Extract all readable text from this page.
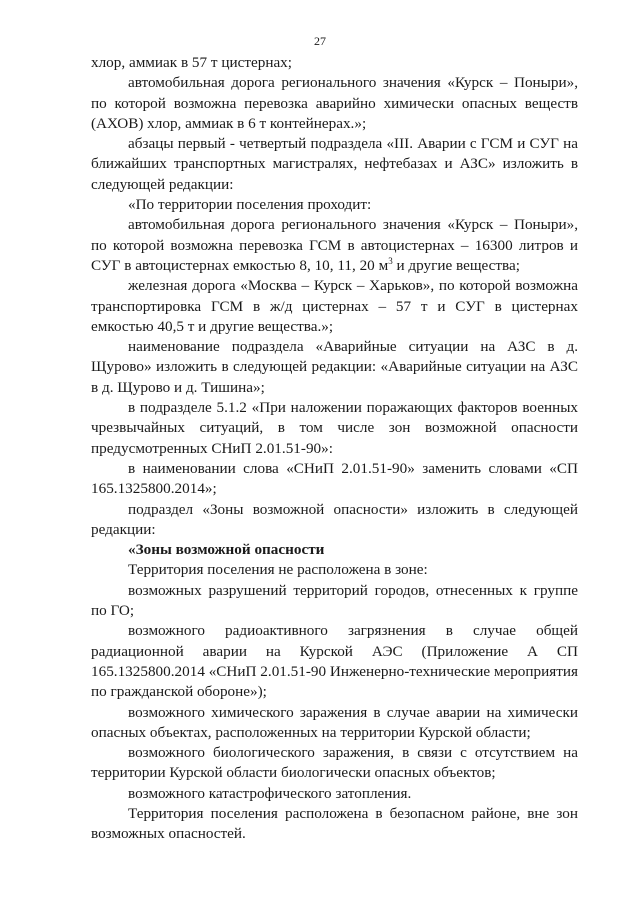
27

хлор, аммиак в 57 т цистернах;

автомобильная дорога регионального значения «Курск – Поныри», по которой возможна перевозка аварийно химически опасных веществ (АХОВ) хлор, аммиак в 6 т контейнерах.»;

абзацы первый - четвертый подраздела «III. Аварии с ГСМ и СУГ на ближайших транспортных магистралях, нефтебазах и АЗС» изложить в следующей редакции:

«По территории поселения проходит:

автомобильная дорога регионального значения «Курск – Поныри», по которой возможна перевозка ГСМ в автоцистернах – 16300 литров и СУГ в автоцистернах емкостью 8, 10, 11, 20 $м^3$ и другие вещества;

железная дорога «Москва – Курск – Харьков», по которой возможна транспортировка ГСМ в ж/д цистернах – 57 т и СУГ в цистернах емкостью 40,5 т и другие вещества.»;

наименование подраздела «Аварийные ситуации на АЗС в д. Щурово» изложить в следующей редакции: «Аварийные ситуации на АЗС в д. Щурово и д. Тишина»;

в подразделе 5.1.2 «При наложении поражающих факторов военных чрезвычайных ситуаций, в том числе зон возможной опасности предусмотренных СНиП 2.01.51-90»:

в наименовании слова «СНиП 2.01.51-90» заменить словами «СП 165.1325800.2014»;

подраздел «Зоны возможной опасности» изложить в следующей редакции:

«Зоны возможной опасности

Территория поселения не расположена в зоне:

возможных разрушений территорий городов, отнесенных к группе по ГО;

возможного радиоактивного загрязнения в случае общей радиационной аварии на Курской АЭС (Приложение А СП 165.1325800.2014 «СНиП 2.01.51-90 Инженерно-технические мероприятия по гражданской обороне»);

возможного химического заражения в случае аварии на химически опасных объектах, расположенных на территории Курской области;

возможного биологического заражения, в связи с отсутствием на территории Курской области биологически опасных объектов;

возможного катастрофического затопления.

Территория поселения расположена в безопасном районе, вне зон возможных опасностей.
